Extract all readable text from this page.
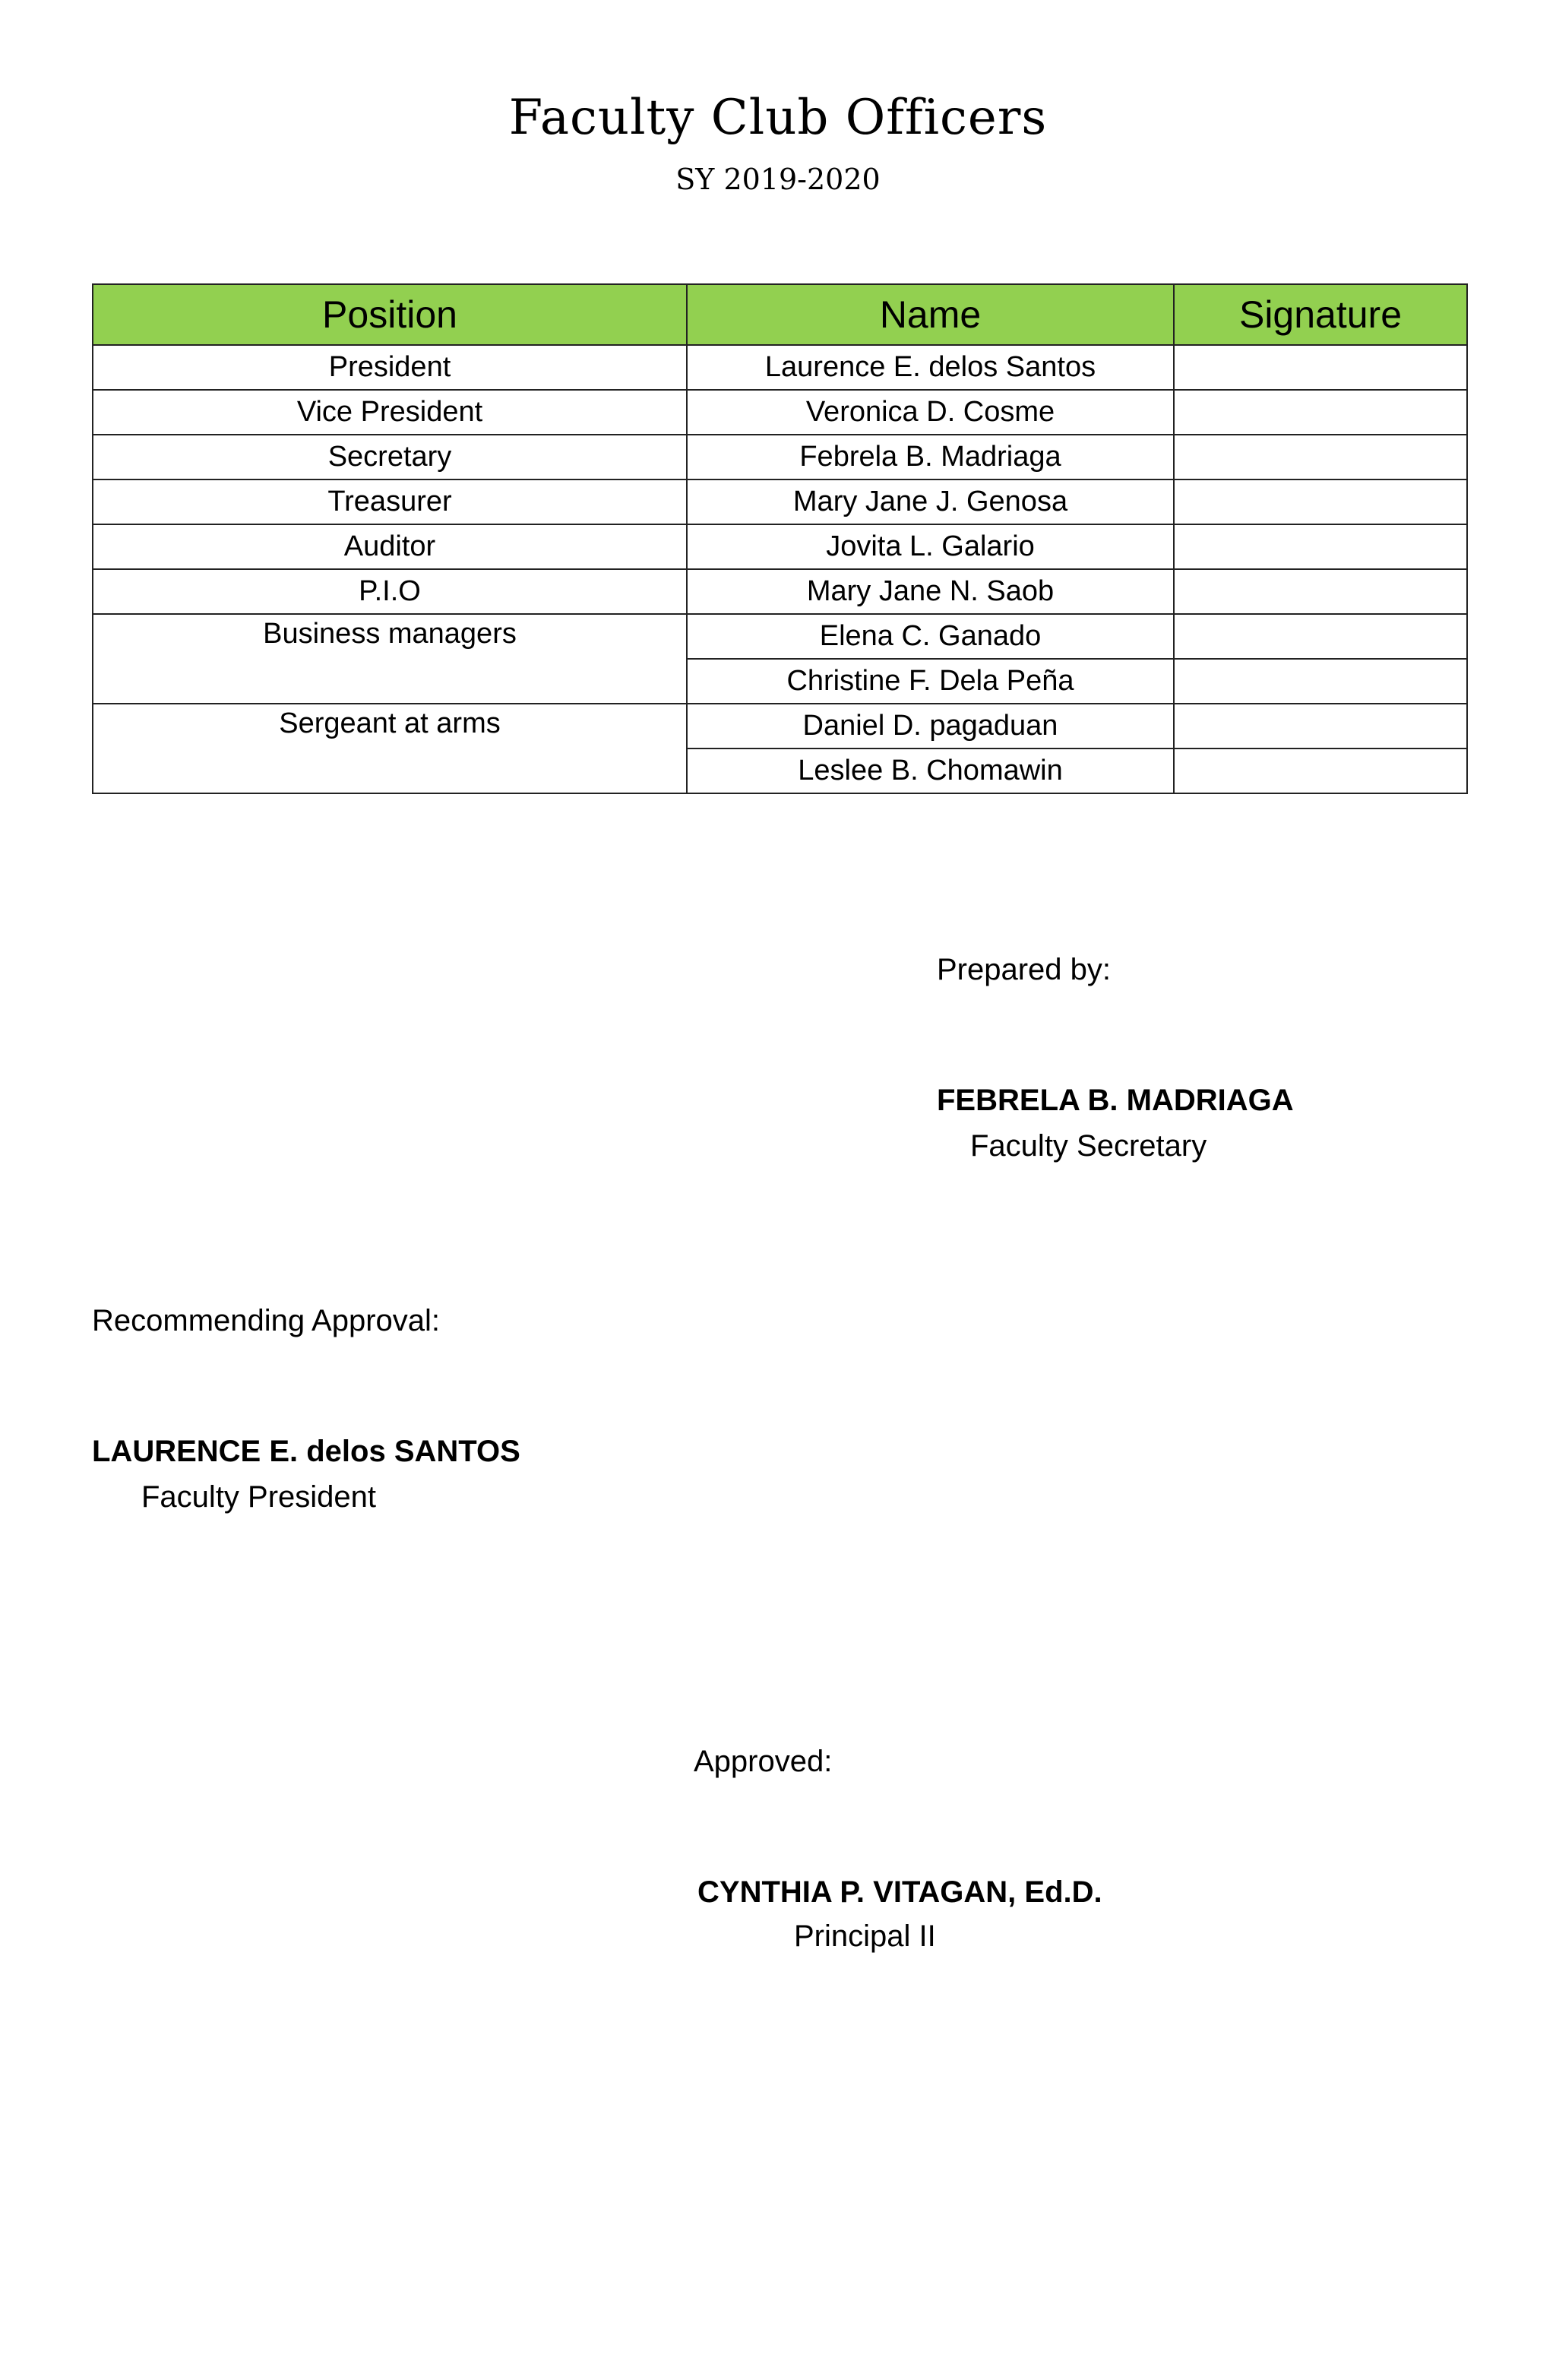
Faculty Club Officers
SY 2019-2020
Position	Name	Signature
President	Laurence E. delos Santos	
Vice President	Veronica D. Cosme	
Secretary	Febrela B. Madriaga	
Treasurer	Mary Jane J. Genosa	
Auditor	Jovita L. Galario	
P.I.O	Mary Jane N. Saob	
Business managers	Elena C. Ganado	
	Christine F. Dela Peña	
Sergeant at arms	Daniel D. pagaduan	
	Leslee B. Chomawin	
Prepared by:
FEBRELA B. MADRIAGA
Faculty Secretary
Recommending Approval:
LAURENCE E. delos SANTOS
Faculty President
Approved:
CYNTHIA P. VITAGAN, Ed.D.
Principal II
